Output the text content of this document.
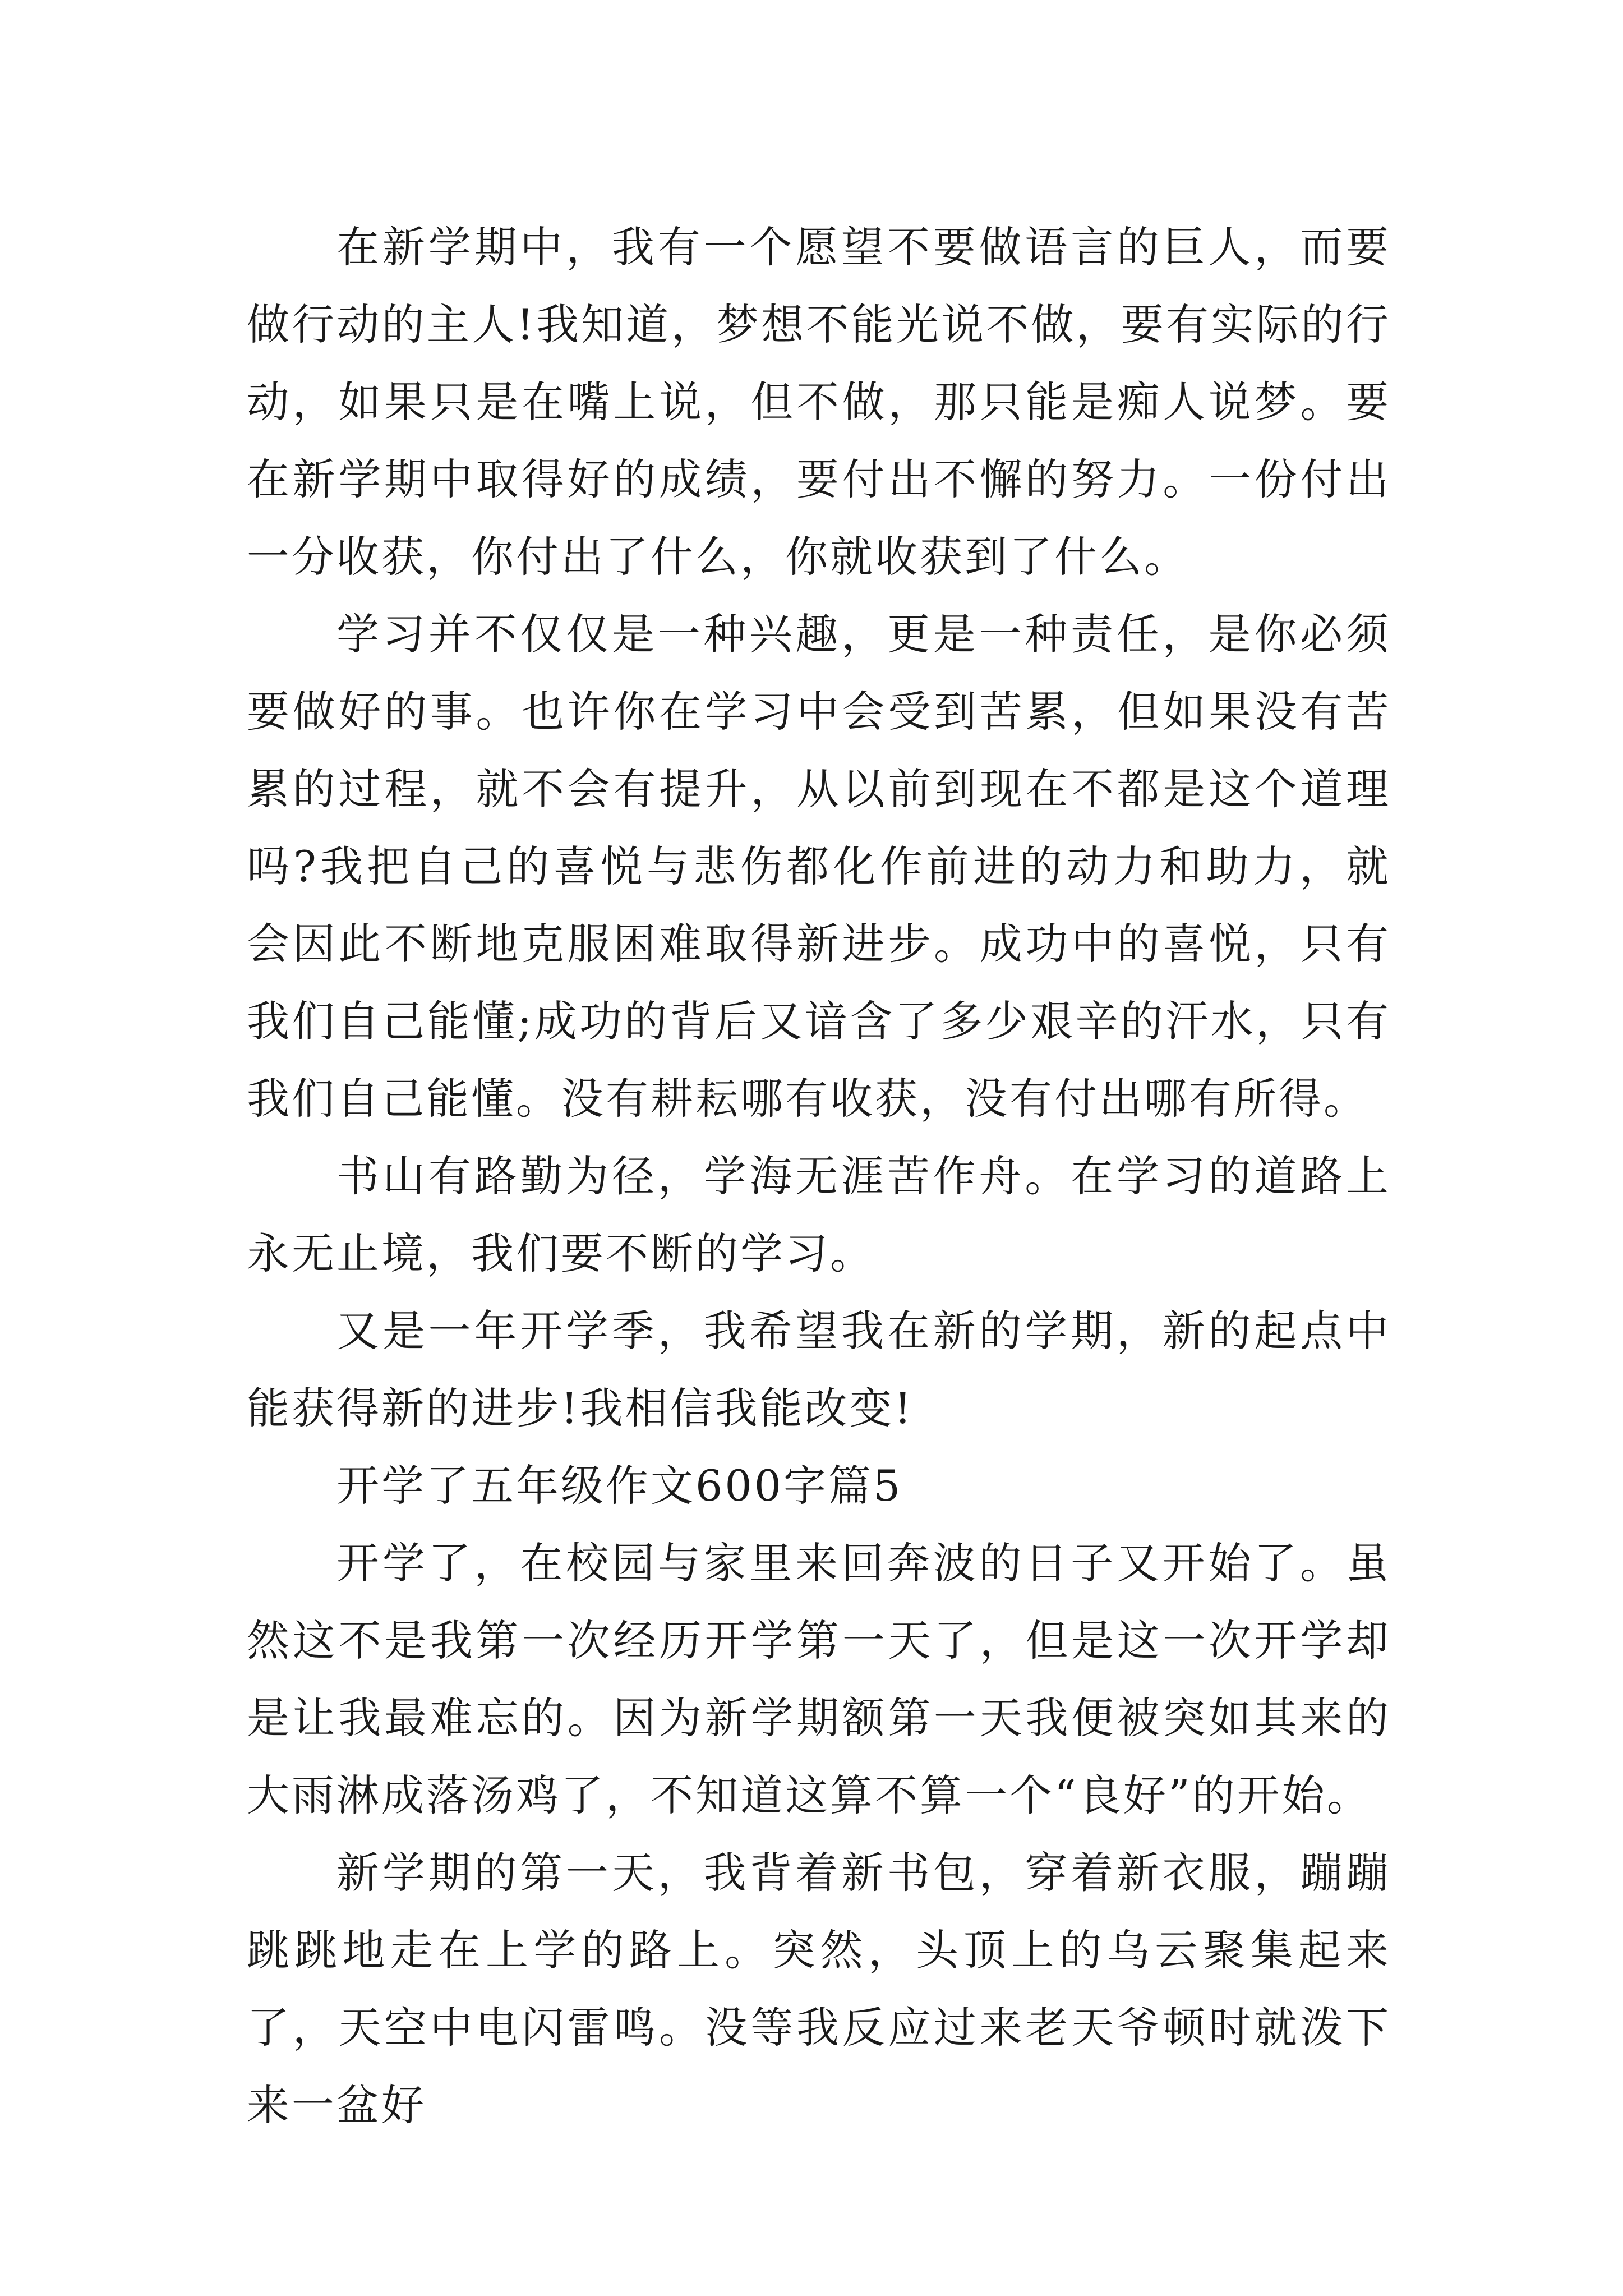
在新学期中，我有一个愿望不要做语言的巨人，而要做行动的主人!我知道，梦想不能光说不做，要有实际的行动，如果只是在嘴上说，但不做，那只能是痴人说梦。要在新学期中取得好的成绩，要付出不懈的努力。一份付出一分收获，你付出了什么，你就收获到了什么。

学习并不仅仅是一种兴趣，更是一种责任，是你必须要做好的事。也许你在学习中会受到苦累，但如果没有苦累的过程，就不会有提升，从以前到现在不都是这个道理吗?我把自己的喜悦与悲伤都化作前进的动力和助力，就会因此不断地克服困难取得新进步。成功中的喜悦，只有我们自己能懂;成功的背后又谙含了多少艰辛的汗水，只有我们自己能懂。没有耕耘哪有收获，没有付出哪有所得。

书山有路勤为径，学海无涯苦作舟。在学习的道路上永无止境，我们要不断的学习。

又是一年开学季，我希望我在新的学期，新的起点中能获得新的进步!我相信我能改变!

开学了五年级作文600字篇5

开学了，在校园与家里来回奔波的日子又开始了。虽然这不是我第一次经历开学第一天了，但是这一次开学却是让我最难忘的。因为新学期额第一天我便被突如其来的大雨淋成落汤鸡了，不知道这算不算一个“良好”的开始。

新学期的第一天，我背着新书包，穿着新衣服，蹦蹦跳跳地走在上学的路上。突然，头顶上的乌云聚集起来了，天空中电闪雷鸣。没等我反应过来老天爷顿时就泼下来一盆好
